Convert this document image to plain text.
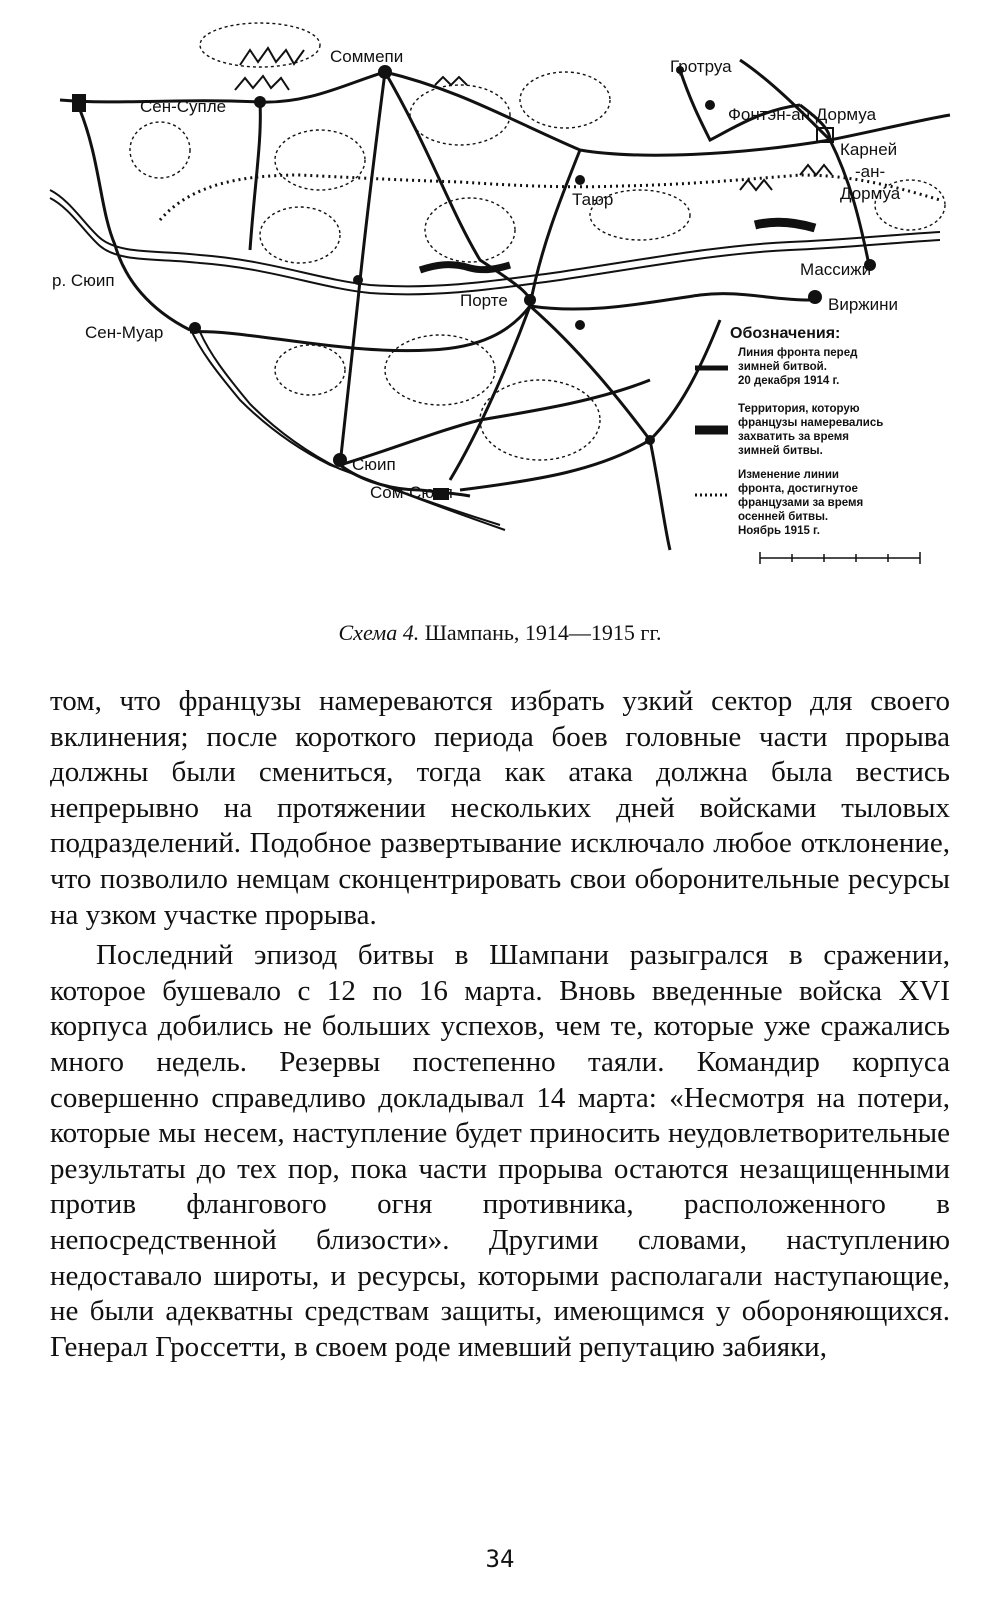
Соммепи
Сен-Супле
Гротруа
Фонтэн-ан-Дормуа
Карней
-ан-
Дормуа
Таюр
Массижи
Виржини
р. Сюип
Порте
Сен-Муар
Сюип
Сом-Сюип
Обозначения:
Линия фронта перед
зимней битвой.
20 декабря 1914 г.
Территория, которую
французы намеревались
захватить за время
зимней битвы.
Изменение линии
фронта, достигнутое
французами за время
осенней битвы.
Ноябрь 1915 г.
Схема 4. Шампань, 1914—1915 гг.

том, что французы намереваются избрать узкий сектор для своего вклинения; после короткого периода боев головные части прорыва должны были смениться, тогда как атака должна была вестись непрерывно на протяжении нескольких дней войсками тыловых подразделений. Подобное развертывание исключало любое отклонение, что позволило немцам сконцентрировать свои оборонительные ресурсы на узком участке прорыва.

Последний эпизод битвы в Шампани разыгрался в сражении, которое бушевало с 12 по 16 марта. Вновь введенные войска XVI корпуса добились не больших успехов, чем те, которые уже сражались много недель. Резервы постепенно таяли. Командир корпуса совершенно справедливо докладывал 14 марта: «Несмотря на потери, которые мы несем, наступление будет приносить неудовлетворительные результаты до тех пор, пока части прорыва остаются незащищенными против флангового огня противника, расположенного в непосредственной близости». Другими словами, наступлению недоставало широты, и ресурсы, которыми располагали наступающие, не были адекватны средствам защиты, имеющимся у обороняющихся. Генерал Гроссетти, в своем роде имевший репутацию забияки,

34
